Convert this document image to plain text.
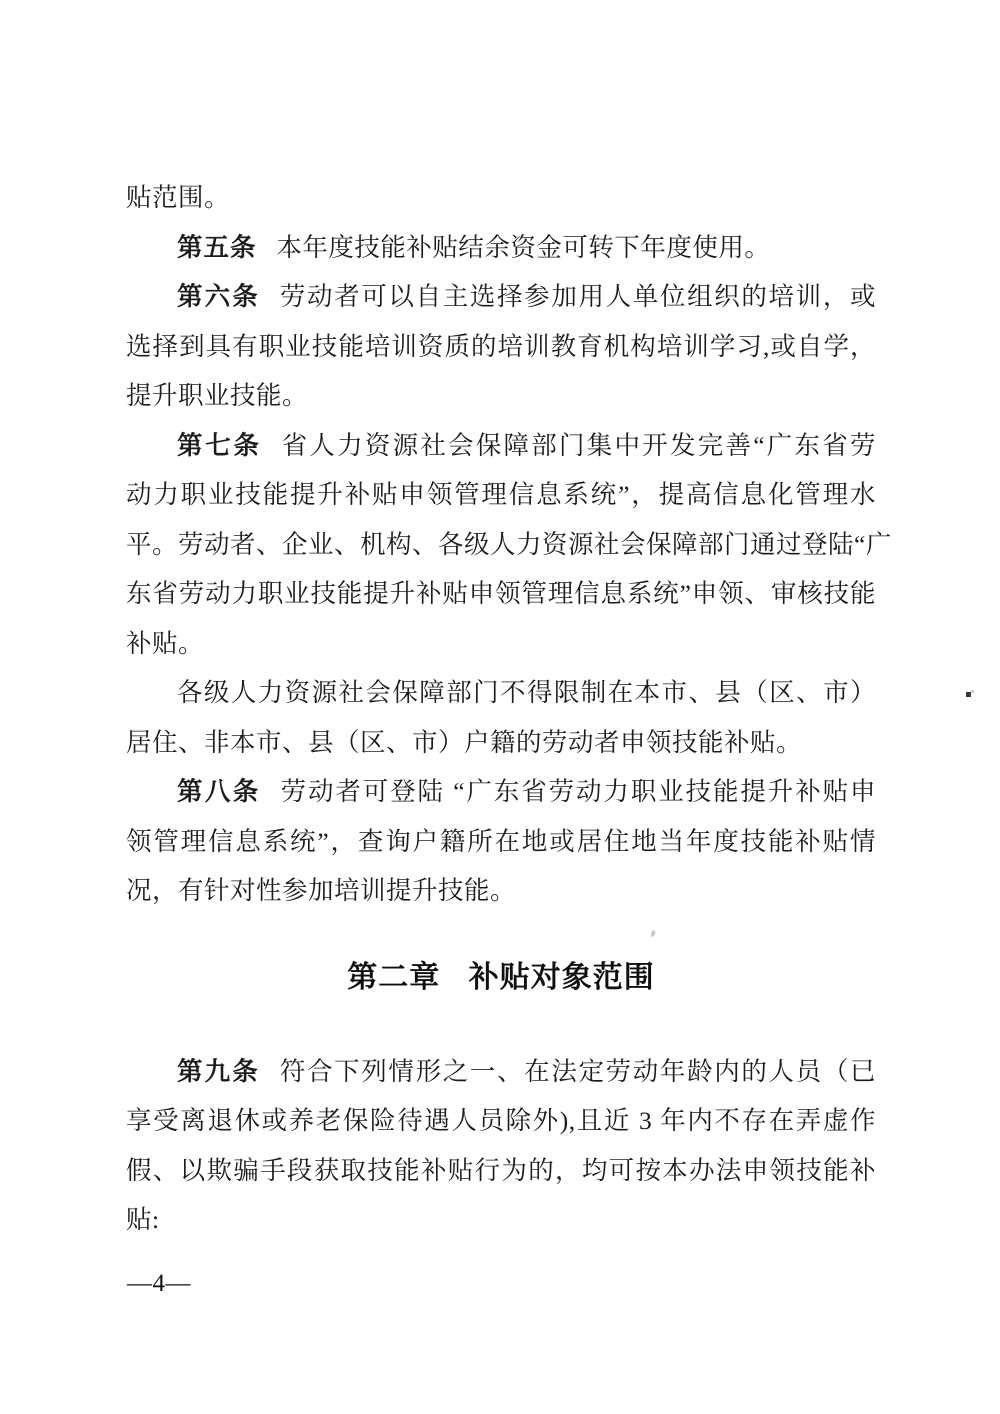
贴范围。
第五条 本年度技能补贴结余资金可转下年度使用。
第六条 劳动者可以自主选择参加用人单位组织的培训，或
选择到具有职业技能培训资质的培训教育机构培训学习,或自学，
提升职业技能。
第七条 省人力资源社会保障部门集中开发完善“广东省劳
动力职业技能提升补贴申领管理信息系统”，提高信息化管理水
平。劳动者、企业、机构、各级人力资源社会保障部门通过登陆“广
东省劳动力职业技能提升补贴申领管理信息系统”申领、审核技能
补贴。
各级人力资源社会保障部门不得限制在本市、县（区、市）
居住、非本市、县（区、市）户籍的劳动者申领技能补贴。
第八条 劳动者可登陆 “广东省劳动力职业技能提升补贴申
领管理信息系统”，查询户籍所在地或居住地当年度技能补贴情
况，有针对性参加培训提升技能。
第二章 补贴对象范围
第九条 符合下列情形之一、在法定劳动年龄内的人员（已
享受离退休或养老保险待遇人员除外),且近 3 年内不存在弄虚作
假、以欺骗手段获取技能补贴行为的，均可按本办法申领技能补
贴:
—4—
